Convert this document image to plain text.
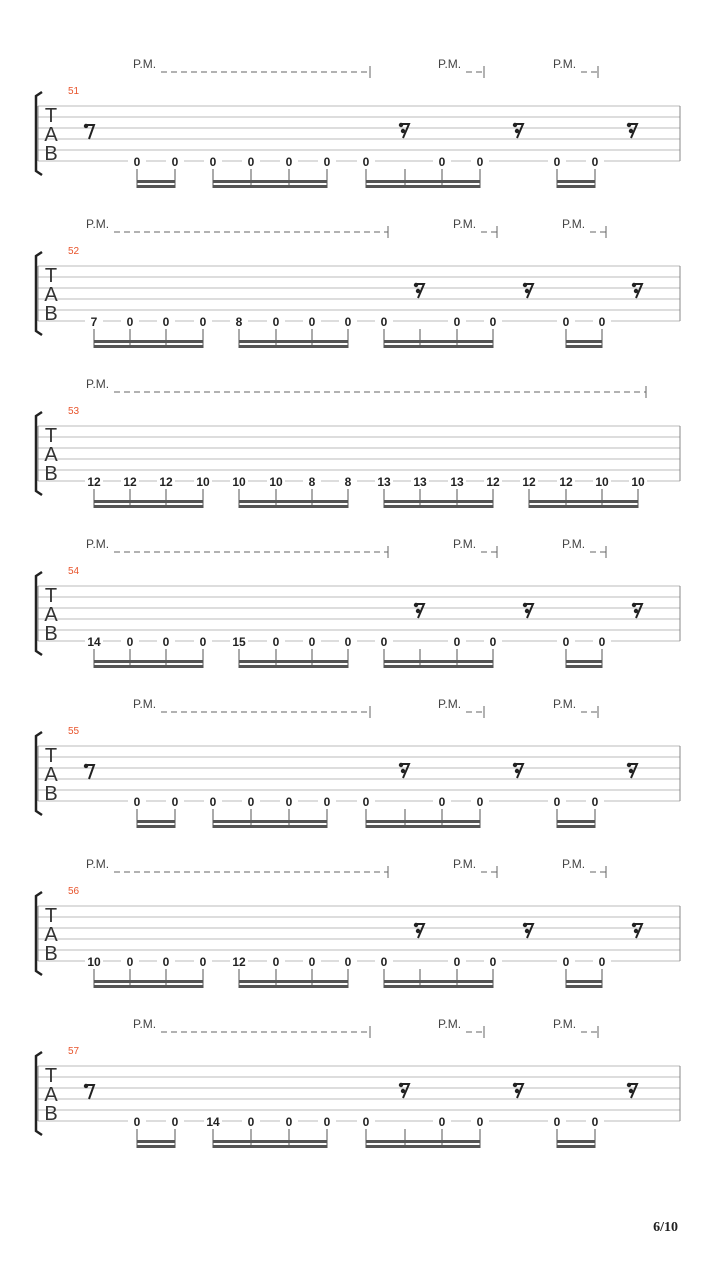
P.M.	P.M.	P.M.
51
T
A
B	0	0	0	0	0	0	0	0	0	0	0
P.M.	P.M.	P.M.
52
T
A
B	7 0 0	0 8	0 0 0 0	0 0	0 0
P.M.
53
T
A
B 12 12 12 10 10 10 8 8 13 13 13 12 12 12 10 10
P.M.	P.M.	P.M.
54
T
A
B 14 0 0	0 15 0 0 0 0	0 0	0 0
P.M.	P.M.	P.M.
55
T
A
B	0	0	0	0	0	0	0	0	0	0	0
P.M.	P.M.	P.M.
56
T
A
B 10 0 0	0 12 0 0 0 0	0 0	0 0
P.M.	P.M.	P.M.
57
T
A
B	0	0 14 0	0	0	0	0	0	0	0
6/10
